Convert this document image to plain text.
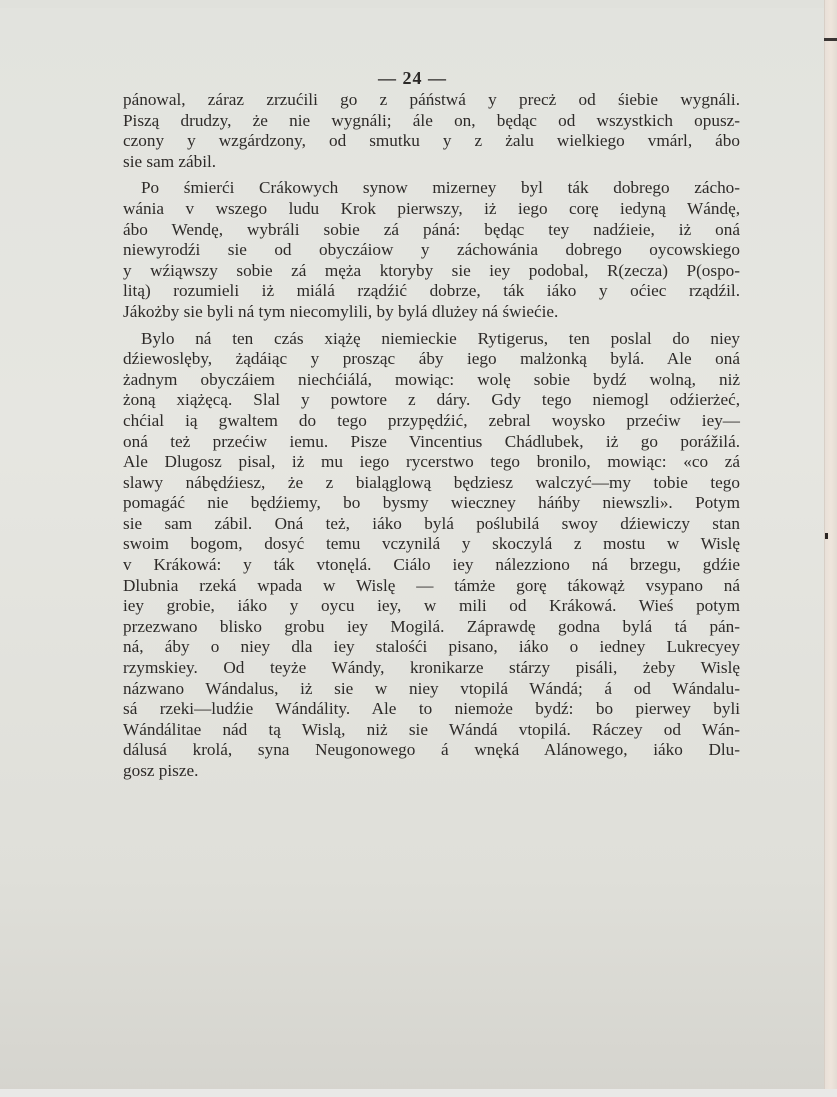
— 24 —
pánowal, záraz zrzućili go z páństwá y precż od śiebie wygnáli.
Piszą drudzy, że nie wygnáli; ále on, będąc od wszystkich opusz-
czony y wzgárdzony, od smutku y z żalu wielkiego vmárl, ábo
sie sam zábil.
Po śmierći Crákowych synow mizerney byl ták dobrego zácho-
wánia v wszego ludu Krok pierwszy, iż iego corę iedyną Wándę,
ábo Wendę, wybráli sobie zá páná: będąc tey nadźieie, iż oná
niewyrodźi sie od obyczáiow y záchowánia dobrego oycowskiego
y wźiąwszy sobie zá męża ktoryby sie iey podobal, R(zecza) P(ospo-
litą) rozumieli iż miálá rządźić dobrze, ták iáko y oćiec rządźil.
Jákożby sie byli ná tym niecomylili, by bylá dlużey ná świećie.
Bylo ná ten czás xiążę niemieckie Rytigerus, ten poslal do niey
dźiewoslęby, żądáiąc y prosząc áby iego malżonką bylá. Ale oná
żadnym obyczáiem niechćiálá, mowiąc: wolę sobie bydź wolną, niż
żoną xiążęcą. Slal y powtore z dáry. Gdy tego niemogl odźierżeć,
chćial ią gwaltem do tego przypędźić, zebral woysko przećiw iey—
oná też przećiw iemu. Pisze Vincentius Chádlubek, iż go porážilá.
Ale Dlugosz pisal, iż mu iego rycerstwo tego bronilo, mowiąc: «co zá
slawy nábędźiesz, że z bialąglową będziesz walczyć—my tobie tego
pomagáć nie będźiemy, bo bysmy wieczney háńby niewszli». Potym
sie sam zábil. Oná też, iáko bylá poślubilá swoy dźiewiczy stan
swoim bogom, dosyć temu vczynilá y skoczylá z mostu w Wislę
v Krákowá: y ták vtonęlá. Ciálo iey nálezziono ná brzegu, gdźie
Dlubnia rzeká wpada w Wislę — támże gorę tákowąż vsypano ná
iey grobie, iáko y oycu iey, w mili od Krákowá. Wieś potym
przezwano blisko grobu iey Mogilá. Záprawdę godna bylá tá pán-
ná, áby o niey dla iey stalośći pisano, iáko o iedney Lukrecyey
rzymskiey. Od teyże Wándy, kronikarze stárzy pisáli, żeby Wislę
názwano Wándalus, iż sie w niey vtopilá Wándá; á od Wándalu-
sá rzeki—ludźie Wándálity. Ale to niemoże bydź: bo pierwey byli
Wándálitae nád tą Wislą, niż sie Wándá vtopilá. Ráczey od Wán-
dálusá krolá, syna Neugonowego á wnęká Alánowego, iáko Dlu-
gosz pisze.
